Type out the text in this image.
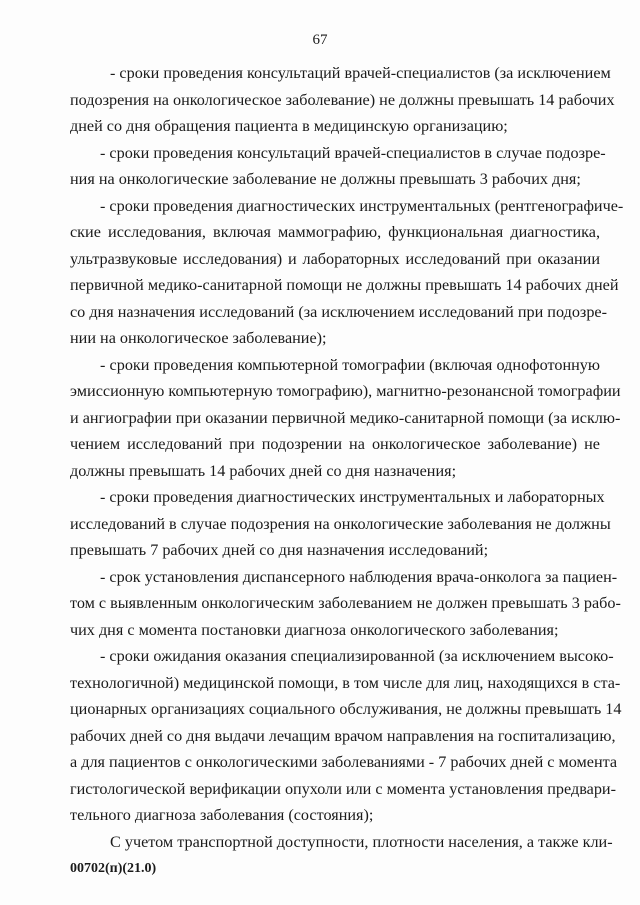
67
- сроки проведения консультаций врачей-специалистов (за исключением
подозрения на онкологическое заболевание) не должны превышать 14 рабочих
дней со дня обращения пациента в медицинскую организацию;
- сроки проведения консультаций врачей-специалистов в случае подозре-
ния на онкологические заболевание не должны превышать 3 рабочих дня;
- сроки проведения диагностических инструментальных (рентгенографиче-
ские исследования, включая маммографию, функциональная диагностика,
ультразвуковые исследования) и лабораторных исследований при оказании
первичной медико-санитарной помощи не должны превышать 14 рабочих дней
со дня назначения исследований (за исключением исследований при подозре-
нии на онкологическое заболевание);
- сроки проведения компьютерной томографии (включая однофотонную
эмиссионную компьютерную томографию), магнитно-резонансной томографии
и ангиографии при оказании первичной медико-санитарной помощи (за исклю-
чением исследований при подозрении на онкологическое заболевание) не
должны превышать 14 рабочих дней со дня назначения;
- сроки проведения диагностических инструментальных и лабораторных
исследований в случае подозрения на онкологические заболевания не должны
превышать 7 рабочих дней со дня назначения исследований;
- срок установления диспансерного наблюдения врача-онколога за пациен-
том с выявленным онкологическим заболеванием не должен превышать 3 рабо-
чих дня с момента постановки диагноза онкологического заболевания;
- сроки ожидания оказания специализированной (за исключением высоко-
технологичной) медицинской помощи, в том числе для лиц, находящихся в ста-
ционарных организациях социального обслуживания, не должны превышать 14
рабочих дней со дня выдачи лечащим врачом направления на госпитализацию,
а для пациентов с онкологическими заболеваниями - 7 рабочих дней с момента
гистологической верификации опухоли или с момента установления предвари-
тельного диагноза заболевания (состояния);
С учетом транспортной доступности, плотности населения, а также кли-
00702(п)(21.0)
